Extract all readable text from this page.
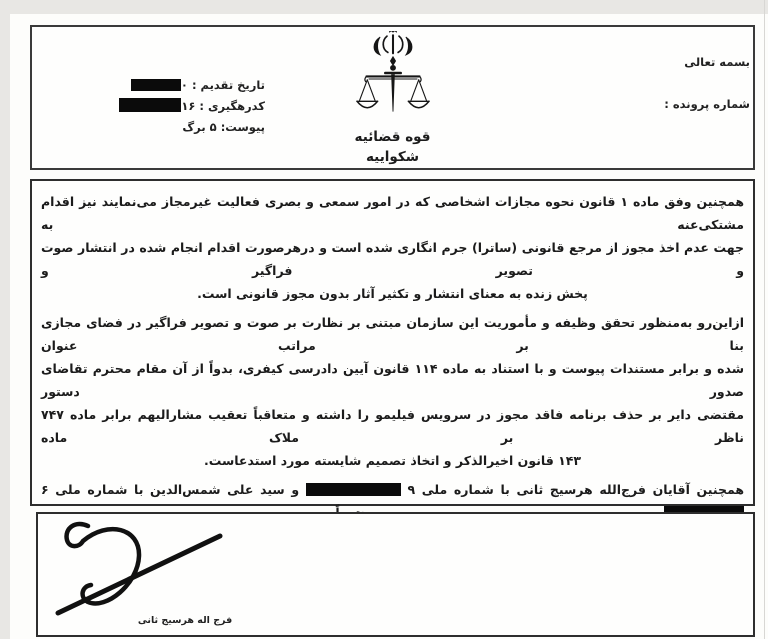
بسمه تعالی
شماره پرونده :
تاریخ تقدیم : ۰
کدرهگیری : ۱۶
پیوست: ۵ برگ
قوه قضائیه
شکواییه
همچنین وفق ماده ۱ قانون نحوه مجازات اشخاصی که در امور سمعی و بصری فعالیت غیرمجاز می‌نمایند نیز اقدام مشتکی‌عنه به
جهت عدم اخذ مجوز از مرجع قانونی (ساترا) جرم انگاری شده است و درهرصورت اقدام انجام شده در انتشار صوت و تصویر فراگیر و
پخش زنده به معنای انتشار و تکثیر آثار بدون مجوز قانونی است.
ازاین‌رو به‌منظور تحقق وظیفه و مأموریت این سازمان مبتنی بر نظارت بر صوت و تصویر فراگیر در فضای مجازی بنا بر مراتب عنوان
شده و برابر مستندات پیوست و با استناد به ماده ۱۱۴ قانون آیین دادرسی کیفری، بدواً از آن مقام محترم تقاضای صدور دستور
مقتضی دایر بر حذف برنامه فاقد مجوز در سرویس فیلیمو را داشته و متعاقباً تعقیب مشارالیهم برابر ماده ۷۴۷ ناظر بر ملاک ماده
۱۴۳ قانون اخیرالذکر و اتخاذ تصمیم شایسته مورد استدعاست.
همچنین آقایان فرج‌الله هرسیج ثانی با شماره ملی ۹  و سید علی شمس‌الدین با شماره ملی ۶
فرج اله هرسیج ثانی
